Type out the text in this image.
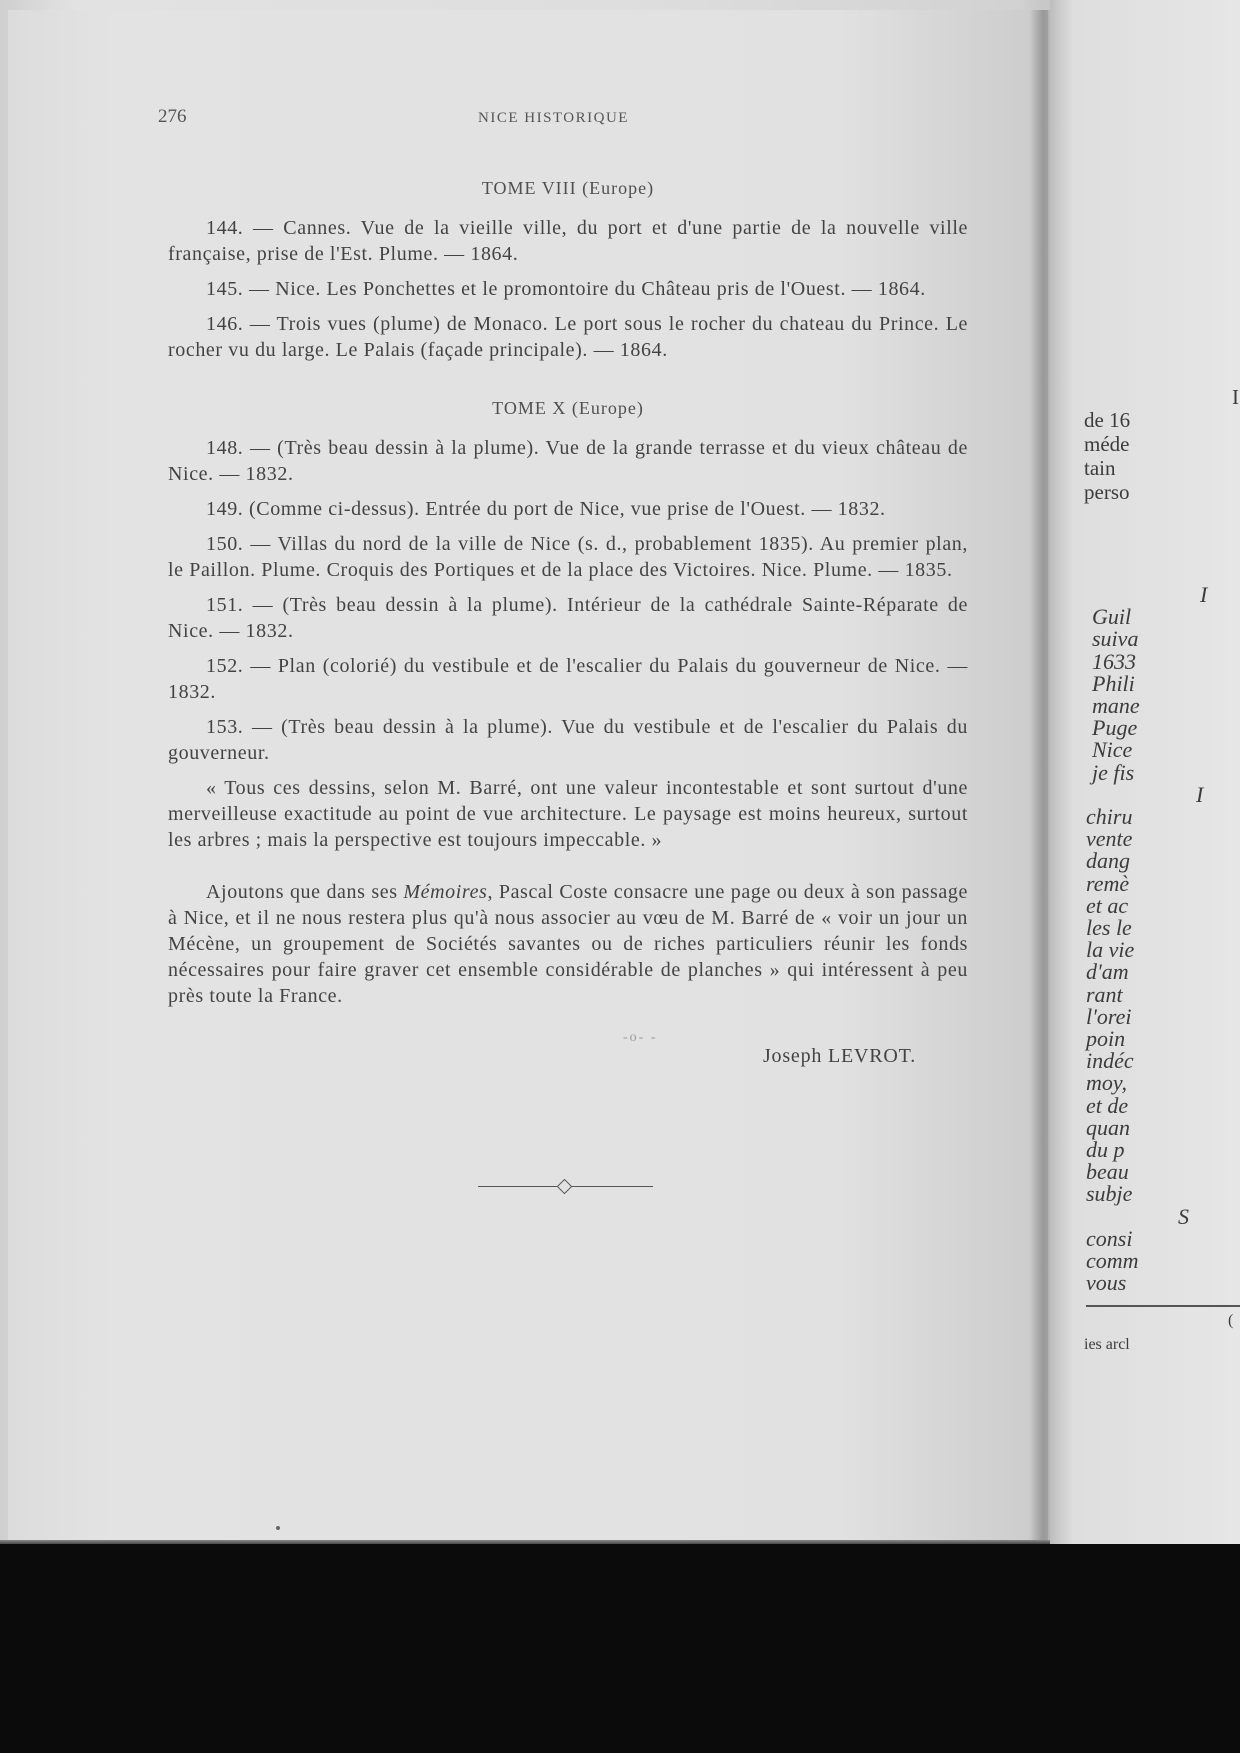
276	NICE HISTORIQUE
TOME VIII (Europe)

144. — Cannes. Vue de la vieille ville, du port et d'une partie de la nouvelle ville française, prise de l'Est. Plume. — 1864.

145. — Nice. Les Ponchettes et le promontoire du Château pris de l'Ouest. — 1864.

146. — Trois vues (plume) de Monaco. Le port sous le rocher du chateau du Prince. Le rocher vu du large. Le Palais (façade principale). — 1864.

TOME X (Europe)

148. — (Très beau dessin à la plume). Vue de la grande terrasse et du vieux château de Nice. — 1832.

149. (Comme ci-dessus). Entrée du port de Nice, vue prise de l'Ouest. — 1832.

150. — Villas du nord de la ville de Nice (s. d., probablement 1835). Au premier plan, le Paillon. Plume. Croquis des Portiques et de la place des Victoires. Nice. Plume. — 1835.

151. — (Très beau dessin à la plume). Intérieur de la cathédrale Sainte-Réparate de Nice. — 1832.

152. — Plan (colorié) du vestibule et de l'escalier du Palais du gouverneur de Nice. — 1832.

153. — (Très beau dessin à la plume). Vue du vestibule et de l'escalier du Palais du gouverneur.

« Tous ces dessins, selon M. Barré, ont une valeur incontestable et sont surtout d'une merveilleuse exactitude au point de vue architecture. Le paysage est moins heureux, surtout les arbres ; mais la perspective est toujours impeccable. »

Ajoutons que dans ses Mémoires, Pascal Coste consacre une page ou deux à son passage à Nice, et il ne nous restera plus qu'à nous associer au vœu de M. Barré de « voir un jour un Mécène, un groupement de Sociétés savantes ou de riches particuliers réunir les fonds nécessaires pour faire graver cet ensemble considérable de planches » qui intéressent à peu près toute la France.

Joseph LEVROT.
-o- -
I
de 16
méde
tain
perso
I
Guil
suiva
1633
Phili
mane
Puge
Nice
je fis
I
chiru
vente
dang
remè
et ac
les le
la vie
d'am
rant
l'orei
poin
indéc
moy,
et de
quan
du p
beau
subje
S
consi
comm
vous
(
ies arcl
